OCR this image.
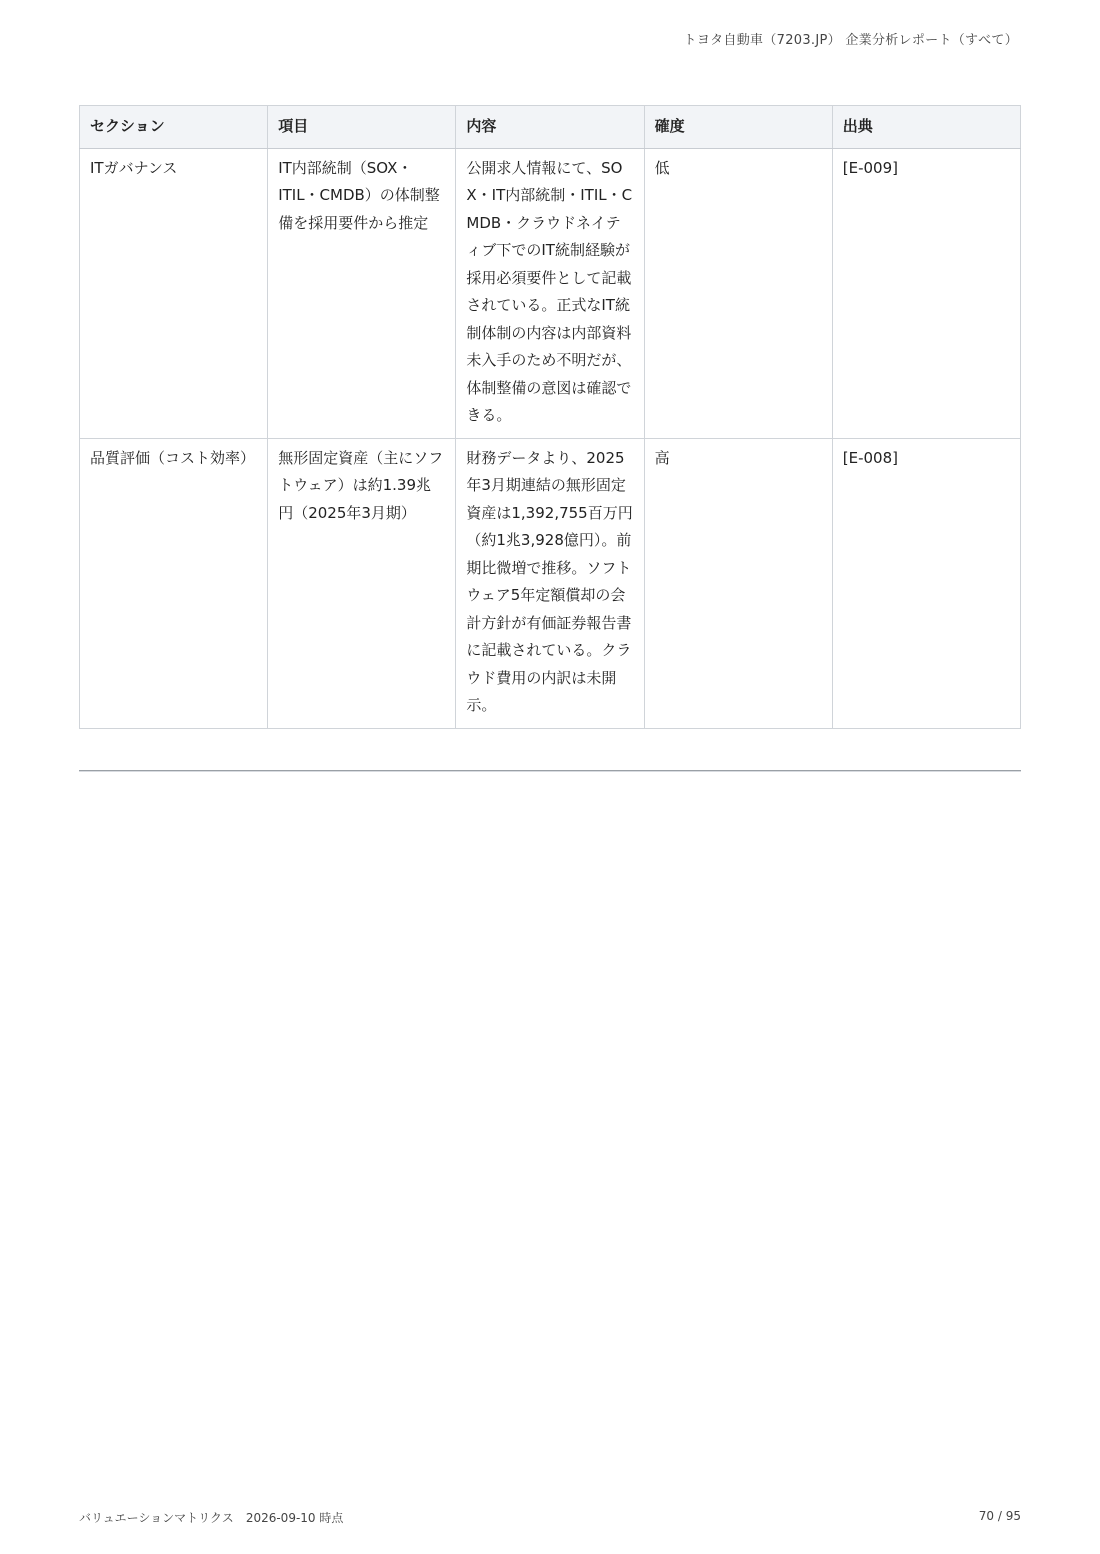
トヨタ自動車（7203.JP） 企業分析レポート（すべて）
セクション	項目	内容	確度	出典
ITガバナンス	IT内部統制（SOX・ITIL・CMDB）の体制整備を採用要件から推定	公開求人情報にて、SOX・IT内部統制・ITIL・CMDB・クラウドネイティブ下でのIT統制経験が採用必須要件として記載されている。正式なIT統制体制の内容は内部資料未入手のため不明だが、体制整備の意図は確認できる。	低	[E-009]
品質評価（コスト効率）	無形固定資産（主にソフトウェア）は約1.39兆円（2025年3月期）	財務データより、2025年3月期連結の無形固定資産は1,392,755百万円（約1兆3,928億円）。前期比微増で推移。ソフトウェア5年定額償却の会計方針が有価証券報告書に記載されている。クラウド費用の内訳は未開示。	高	[E-008]
バリュエーションマトリクス 2026-09-10 時点	70 / 95
